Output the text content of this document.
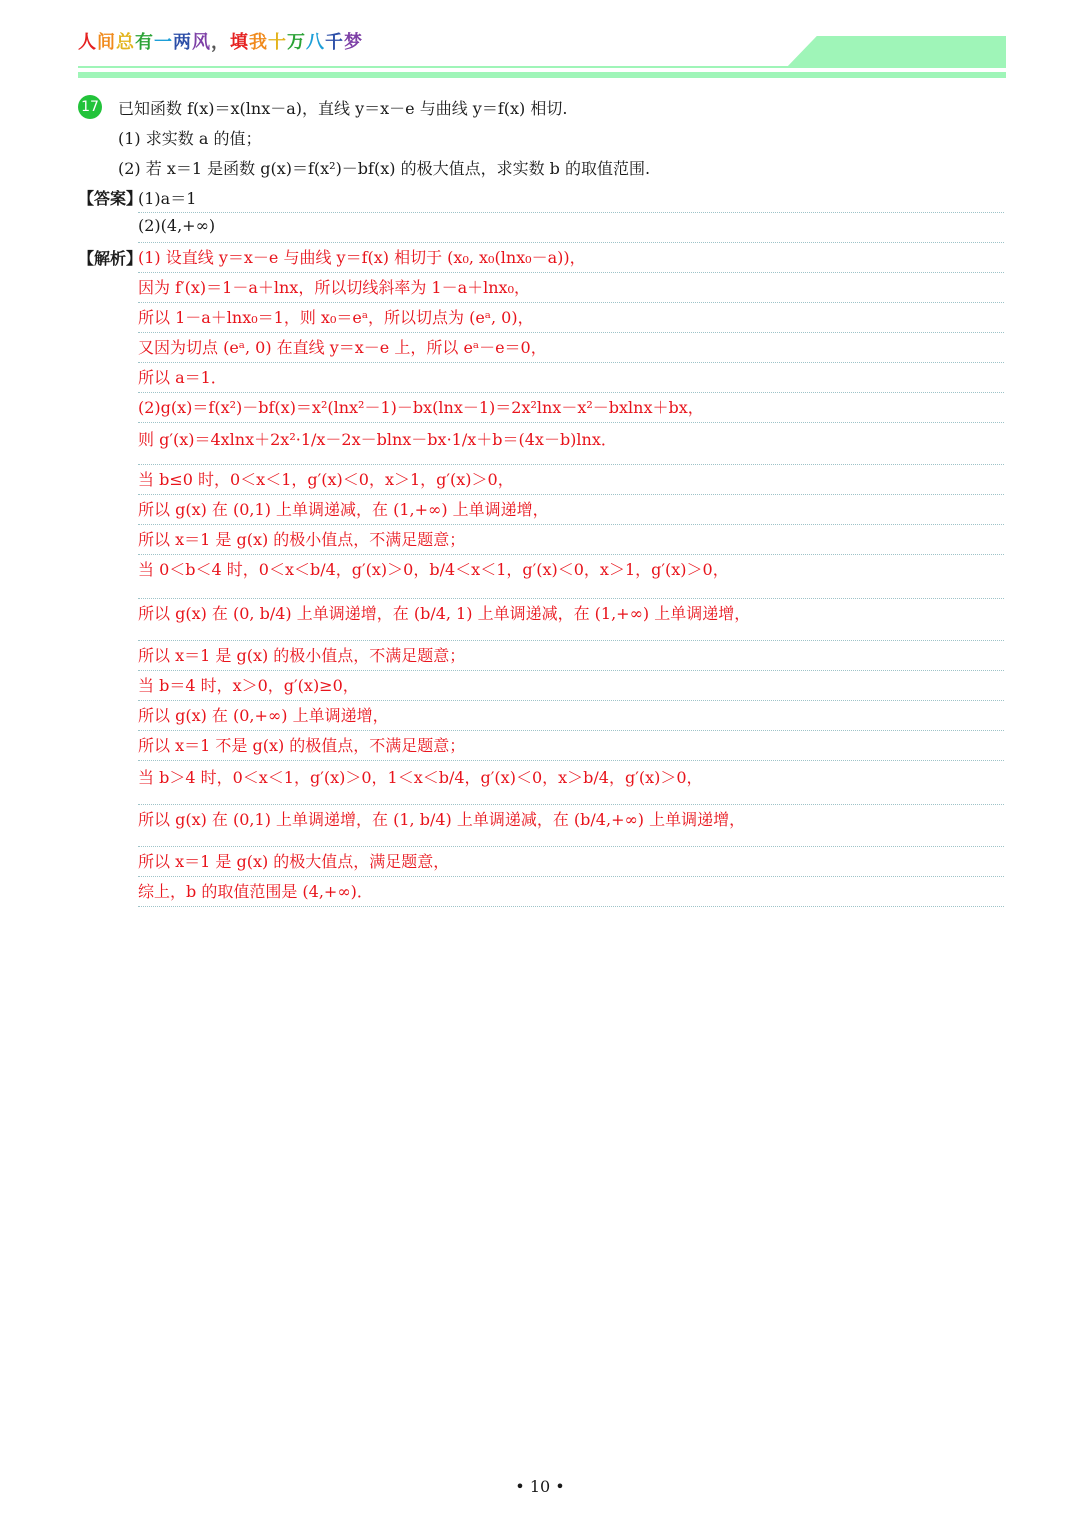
人间总有一两风，填我十万八千梦
17 已知函数 f(x)＝x(lnx－a)，直线 y＝x－e 与曲线 y＝f(x) 相切.
(1) 求实数 a 的值；
(2) 若 x＝1 是函数 g(x)＝f(x²)－bf(x) 的极大值点，求实数 b 的取值范围.
【答案】
(1)a＝1
(2)(4,+∞)
【解析】
(1) 设直线 y＝x－e 与曲线 y＝f(x) 相切于 (x₀, x₀(lnx₀－a))，
因为 f′(x)＝1－a＋lnx，所以切线斜率为 1－a＋lnx₀，
所以 1－a＋lnx₀＝1，则 x₀＝eᵃ，所以切点为 (eᵃ, 0)，
又因为切点 (eᵃ, 0) 在直线 y＝x－e 上，所以 eᵃ－e＝0，
所以 a＝1．
(2)g(x)＝f(x²)－bf(x)＝x²(lnx²－1)－bx(lnx－1)＝2x²lnx－x²－bxlnx＋bx，
则 g′(x)＝4xlnx＋2x²·1/x－2x－blnx－bx·1/x＋b＝(4x－b)lnx．
当 b≤0 时，0＜x＜1，g′(x)＜0，x＞1，g′(x)＞0，
所以 g(x) 在 (0,1) 上单调递减，在 (1,+∞) 上单调递增，
所以 x＝1 是 g(x) 的极小值点，不满足题意；
当 0＜b＜4 时，0＜x＜b/4，g′(x)＞0，b/4＜x＜1，g′(x)＜0，x＞1，g′(x)＞0，
所以 g(x) 在 (0, b/4) 上单调递增，在 (b/4, 1) 上单调递减，在 (1,+∞) 上单调递增，
所以 x＝1 是 g(x) 的极小值点，不满足题意；
当 b＝4 时，x＞0，g′(x)≥0，
所以 g(x) 在 (0,+∞) 上单调递增，
所以 x＝1 不是 g(x) 的极值点，不满足题意；
当 b＞4 时，0＜x＜1，g′(x)＞0，1＜x＜b/4，g′(x)＜0，x＞b/4，g′(x)＞0，
所以 g(x) 在 (0,1) 上单调递增，在 (1, b/4) 上单调递减，在 (b/4,+∞) 上单调递增，
所以 x＝1 是 g(x) 的极大值点，满足题意，
综上，b 的取值范围是 (4,+∞)．
• 10 •
